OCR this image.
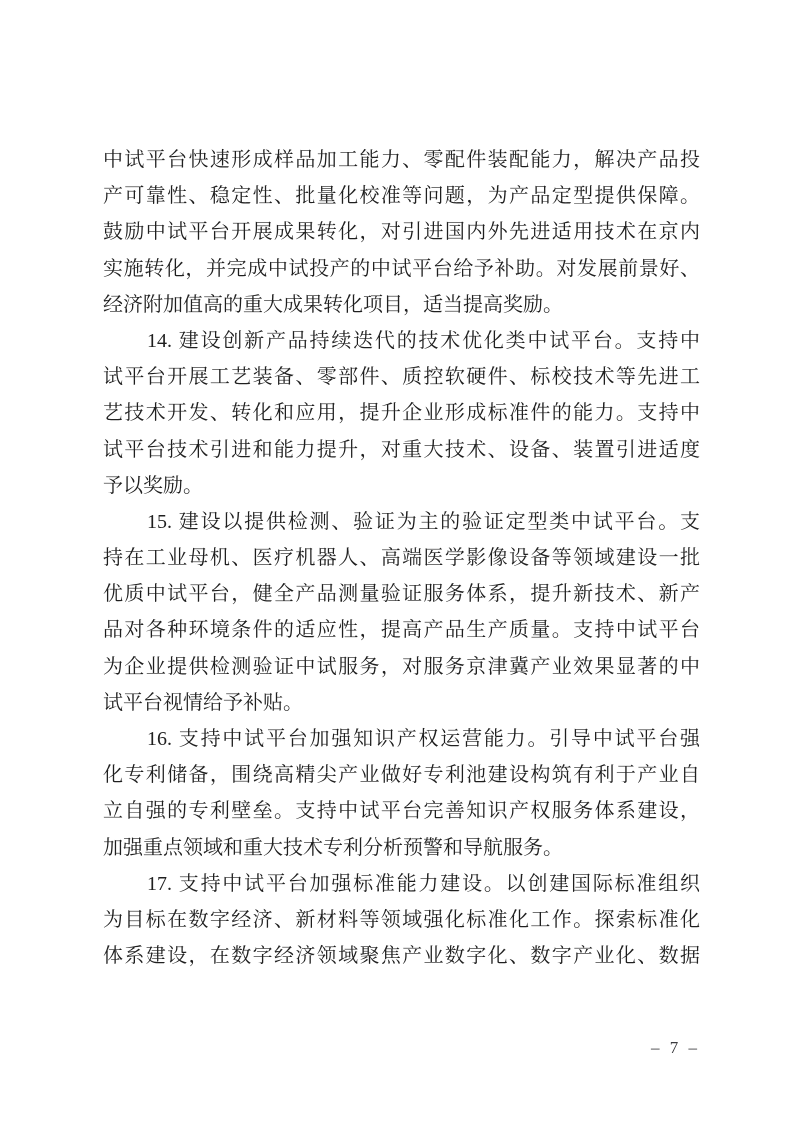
中试平台快速形成样品加工能力、零配件装配能力，解决产品投
产可靠性、稳定性、批量化校准等问题，为产品定型提供保障。
鼓励中试平台开展成果转化，对引进国内外先进适用技术在京内
实施转化，并完成中试投产的中试平台给予补助。对发展前景好、
经济附加值高的重大成果转化项目，适当提高奖励。
14. 建设创新产品持续迭代的技术优化类中试平台。支持中
试平台开展工艺装备、零部件、质控软硬件、标校技术等先进工
艺技术开发、转化和应用，提升企业形成标准件的能力。支持中
试平台技术引进和能力提升，对重大技术、设备、装置引进适度
予以奖励。
15. 建设以提供检测、验证为主的验证定型类中试平台。支
持在工业母机、医疗机器人、高端医学影像设备等领域建设一批
优质中试平台，健全产品测量验证服务体系，提升新技术、新产
品对各种环境条件的适应性，提高产品生产质量。支持中试平台
为企业提供检测验证中试服务，对服务京津冀产业效果显著的中
试平台视情给予补贴。
16. 支持中试平台加强知识产权运营能力。引导中试平台强
化专利储备，围绕高精尖产业做好专利池建设构筑有利于产业自
立自强的专利壁垒。支持中试平台完善知识产权服务体系建设，
加强重点领域和重大技术专利分析预警和导航服务。
17. 支持中试平台加强标准能力建设。以创建国际标准组织
为目标在数字经济、新材料等领域强化标准化工作。探索标准化
体系建设，在数字经济领域聚焦产业数字化、数字产业化、数据
– 7 –
